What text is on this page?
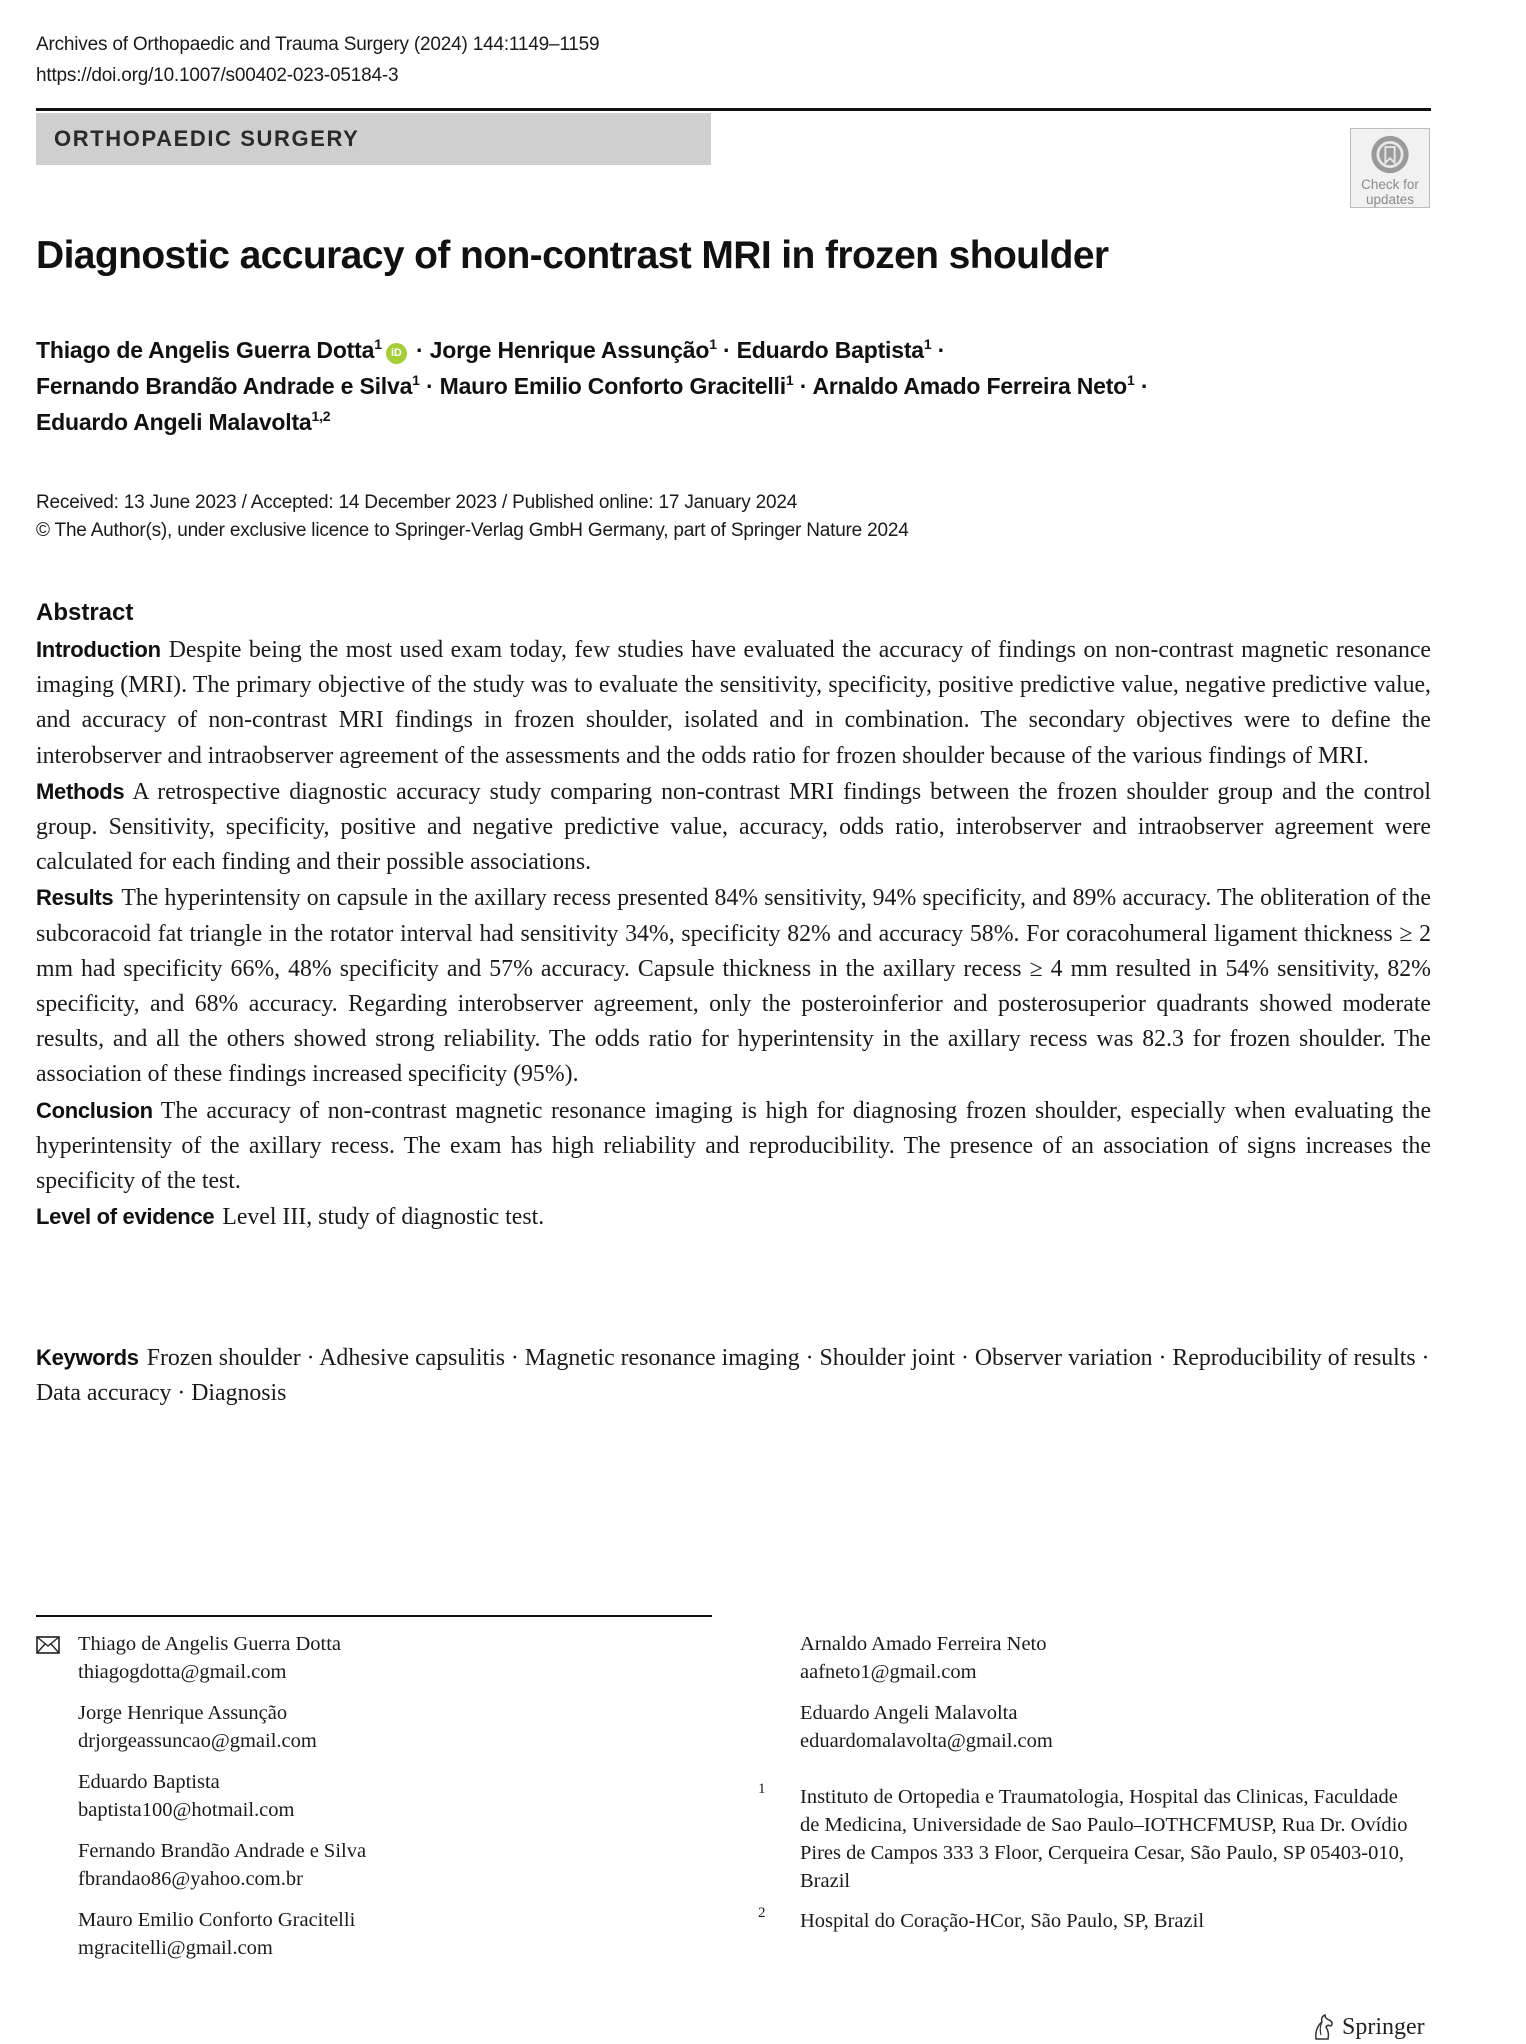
Archives of Orthopaedic and Trauma Surgery (2024) 144:1149–1159
https://doi.org/10.1007/s00402-023-05184-3
ORTHOPAEDIC SURGERY
Check for updates
Diagnostic accuracy of non-contrast MRI in frozen shoulder
Thiago de Angelis Guerra Dotta$^1$iD · Jorge Henrique Assunção$^1$ · Eduardo Baptista$^1$ ·
Fernando Brandão Andrade e Silva$^1$ · Mauro Emilio Conforto Gracitelli$^1$ · Arnaldo Amado Ferreira Neto$^1$ ·
Eduardo Angeli Malavolta$^{1,2}$
Received: 13 June 2023 / Accepted: 14 December 2023 / Published online: 17 January 2024
© The Author(s), under exclusive licence to Springer-Verlag GmbH Germany, part of Springer Nature 2024
Abstract

Introduction Despite being the most used exam today, few studies have evaluated the accuracy of findings on non-contrast magnetic resonance imaging (MRI). The primary objective of the study was to evaluate the sensitivity, specificity, positive predictive value, negative predictive value, and accuracy of non-contrast MRI findings in frozen shoulder, isolated and in combination. The secondary objectives were to define the interobserver and intraobserver agreement of the assessments and the odds ratio for frozen shoulder because of the various findings of MRI.

Methods A retrospective diagnostic accuracy study comparing non-contrast MRI findings between the frozen shoulder group and the control group. Sensitivity, specificity, positive and negative predictive value, accuracy, odds ratio, interobserver and intraobserver agreement were calculated for each finding and their possible associations.

Results The hyperintensity on capsule in the axillary recess presented 84% sensitivity, 94% specificity, and 89% accuracy. The obliteration of the subcoracoid fat triangle in the rotator interval had sensitivity 34%, specificity 82% and accuracy 58%. For coracohumeral ligament thickness ≥ 2 mm had specificity 66%, 48% specificity and 57% accuracy. Capsule thickness in the axillary recess ≥ 4 mm resulted in 54% sensitivity, 82% specificity, and 68% accuracy. Regarding interobserver agreement, only the posteroinferior and posterosuperior quadrants showed moderate results, and all the others showed strong reliability. The odds ratio for hyperintensity in the axillary recess was 82.3 for frozen shoulder. The association of these findings increased specificity (95%).

Conclusion The accuracy of non-contrast magnetic resonance imaging is high for diagnosing frozen shoulder, especially when evaluating the hyperintensity of the axillary recess. The exam has high reliability and reproducibility. The presence of an association of signs increases the specificity of the test.

Level of evidence Level III, study of diagnostic test.

Keywords Frozen shoulder · Adhesive capsulitis · Magnetic resonance imaging · Shoulder joint · Observer variation · Reproducibility of results · Data accuracy · Diagnosis
Thiago de Angelis Guerra Dotta
thiagogdotta@gmail.com
Jorge Henrique Assunção
drjorgeassuncao@gmail.com
Eduardo Baptista
baptista100@hotmail.com
Fernando Brandão Andrade e Silva
fbrandao86@yahoo.com.br
Mauro Emilio Conforto Gracitelli
mgracitelli@gmail.com
Arnaldo Amado Ferreira Neto
aafneto1@gmail.com
Eduardo Angeli Malavolta
eduardomalavolta@gmail.com
1 Instituto de Ortopedia e Traumatologia, Hospital das Clinicas, Faculdade de Medicina, Universidade de Sao Paulo–IOTHCFMUSP, Rua Dr. Ovídio Pires de Campos 333 3 Floor, Cerqueira Cesar, São Paulo, SP 05403-010, Brazil
2 Hospital do Coração-HCor, São Paulo, SP, Brazil
Springer
